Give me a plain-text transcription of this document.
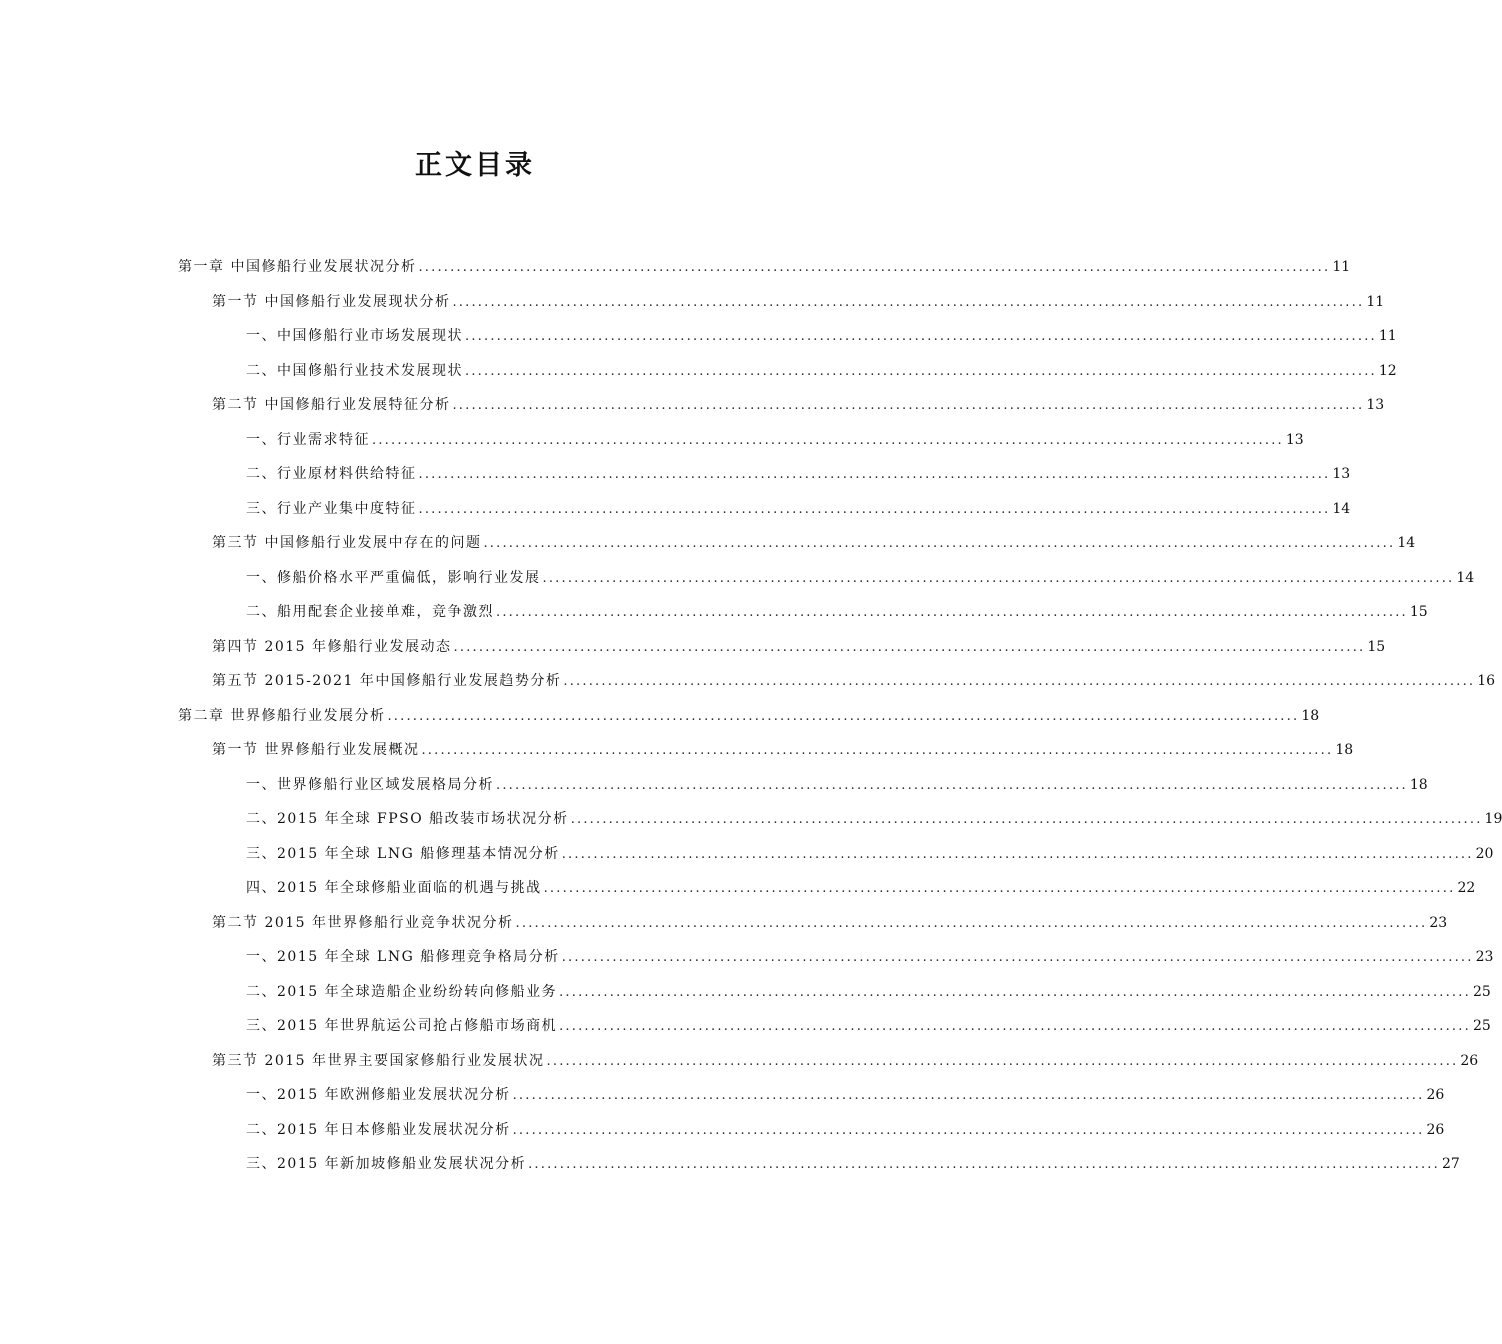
正文目录
第一章 中国修船行业发展状况分析 ................................................................................................................................................ 11
第一节 中国修船行业发展现状分析 ................................................................................................................................................ 11
一、中国修船行业市场发展现状 ................................................................................................................................................ 11
二、中国修船行业技术发展现状 ................................................................................................................................................ 12
第二节 中国修船行业发展特征分析 ................................................................................................................................................ 13
一、行业需求特征 ................................................................................................................................................ 13
二、行业原材料供给特征 ................................................................................................................................................ 13
三、行业产业集中度特征 ................................................................................................................................................ 14
第三节 中国修船行业发展中存在的问题 ................................................................................................................................................ 14
一、修船价格水平严重偏低，影响行业发展 ................................................................................................................................................ 14
二、船用配套企业接单难，竞争激烈 ................................................................................................................................................ 15
第四节 2015 年修船行业发展动态 ................................................................................................................................................ 15
第五节 2015-2021 年中国修船行业发展趋势分析 ................................................................................................................................................ 16
第二章 世界修船行业发展分析 ................................................................................................................................................ 18
第一节 世界修船行业发展概况 ................................................................................................................................................ 18
一、世界修船行业区域发展格局分析 ................................................................................................................................................ 18
二、2015 年全球 FPSO 船改装市场状况分析 ................................................................................................................................................ 19
三、2015 年全球 LNG 船修理基本情况分析 ................................................................................................................................................ 20
四、2015 年全球修船业面临的机遇与挑战 ................................................................................................................................................ 22
第二节 2015 年世界修船行业竞争状况分析 ................................................................................................................................................ 23
一、2015 年全球 LNG 船修理竞争格局分析 ................................................................................................................................................ 23
二、2015 年全球造船企业纷纷转向修船业务 ................................................................................................................................................ 25
三、2015 年世界航运公司抢占修船市场商机 ................................................................................................................................................ 25
第三节 2015 年世界主要国家修船行业发展状况 ................................................................................................................................................ 26
一、2015 年欧洲修船业发展状况分析 ................................................................................................................................................ 26
二、2015 年日本修船业发展状况分析 ................................................................................................................................................ 26
三、2015 年新加坡修船业发展状况分析 ................................................................................................................................................ 27
